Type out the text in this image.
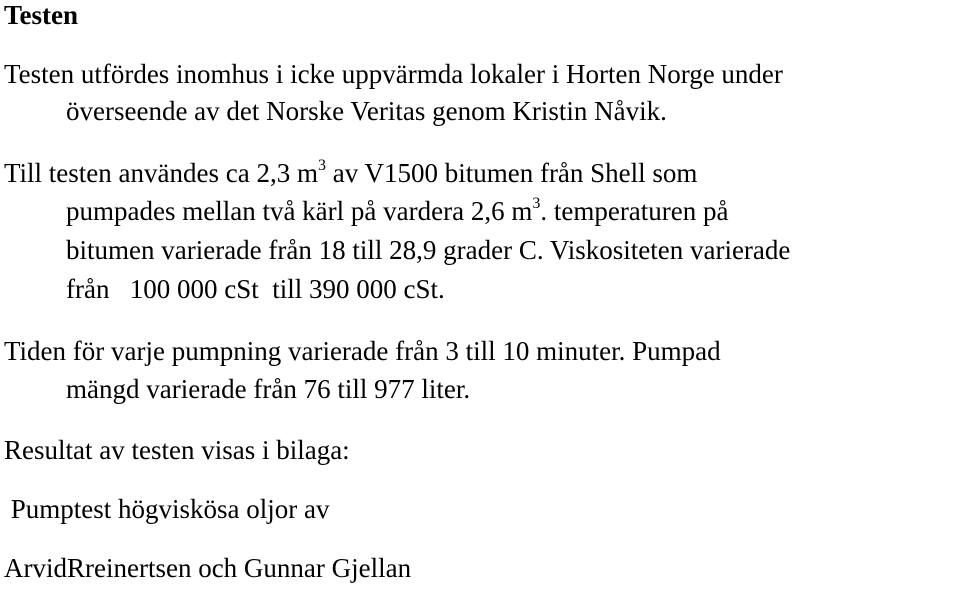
Testen
Testen utfördes inomhus i icke uppvärmda lokaler i Horten Norge under
överseende av det Norske Veritas genom Kristin Nåvik.
Till testen användes ca 2,3 $m^3$ av V1500 bitumen från Shell som
pumpades mellan två kärl på vardera 2,6 $m^3$. temperaturen på
bitumen varierade från 18 till 28,9 grader C. Viskositeten varierade
från   100 000 cSt  till 390 000 cSt.
Tiden för varje pumpning varierade från 3 till 10 minuter. Pumpad
mängd varierade från 76 till 977 liter.
Resultat av testen visas i bilaga:
Pumptest högviskösa oljor av
ArvidRreinertsen och Gunnar Gjellan
